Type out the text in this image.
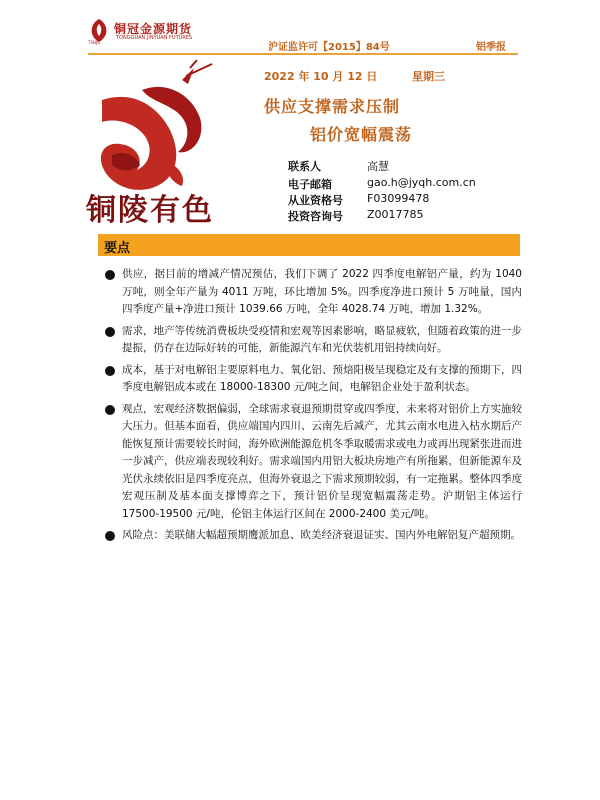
铜冠金源期货
TONGGUAN JINYUAN FUTURES
TSNJG	沪证监许可【2015】84号	铝季报
铜陵有色
2022 年 10 月 12 日	星期三
供应支撑需求压制
铝价宽幅震荡
联系人	高慧
电子邮箱	gao.h@jyqh.com.cn
从业资格号 F03099478
投资咨询号 Z0017785
要点
供应，据目前的增减产情况预估，我们下调了 2022 四季度电解铝产量，约为 1040 万吨，则全年产量为 4011 万吨，环比增加 5%。四季度净进口预计 5 万吨量，国内四季度产量+净进口预计 1039.66 万吨，全年 4028.74 万吨，增加 1.32%。
需求，地产等传统消费板块受疫情和宏观等因素影响，略显疲软，但随着政策的进一步提振，仍存在边际好转的可能，新能源汽车和光伏装机用铝持续向好。
成本，基于对电解铝主要原料电力、氧化铝、预焙阳极呈现稳定及有支撑的预期下，四季度电解铝成本或在 18000-18300 元/吨之间，电解铝企业处于盈利状态。
观点，宏观经济数据偏弱，全球需求衰退预期贯穿或四季度，未来将对铝价上方实施较大压力。但基本面看，供应端国内四川、云南先后减产，尤其云南水电进入枯水期后产能恢复预计需要较长时间，海外欧洲能源危机冬季取暖需求或电力或再出现紧张进而进一步减产，供应端表现较利好。需求端国内用铝大板块房地产有所拖累，但新能源车及光伏永续依旧是四季度亮点，但海外衰退之下需求预期较弱，有一定拖累。整体四季度宏观压制及基本面支撑博弈之下，预计铝价呈现宽幅震荡走势。沪期铝主体运行 17500-19500 元/吨，伦铝主体运行区间在 2000-2400 美元/吨。
风险点：美联储大幅超预期鹰派加息、欧美经济衰退证实、国内外电解铝复产超预期。
